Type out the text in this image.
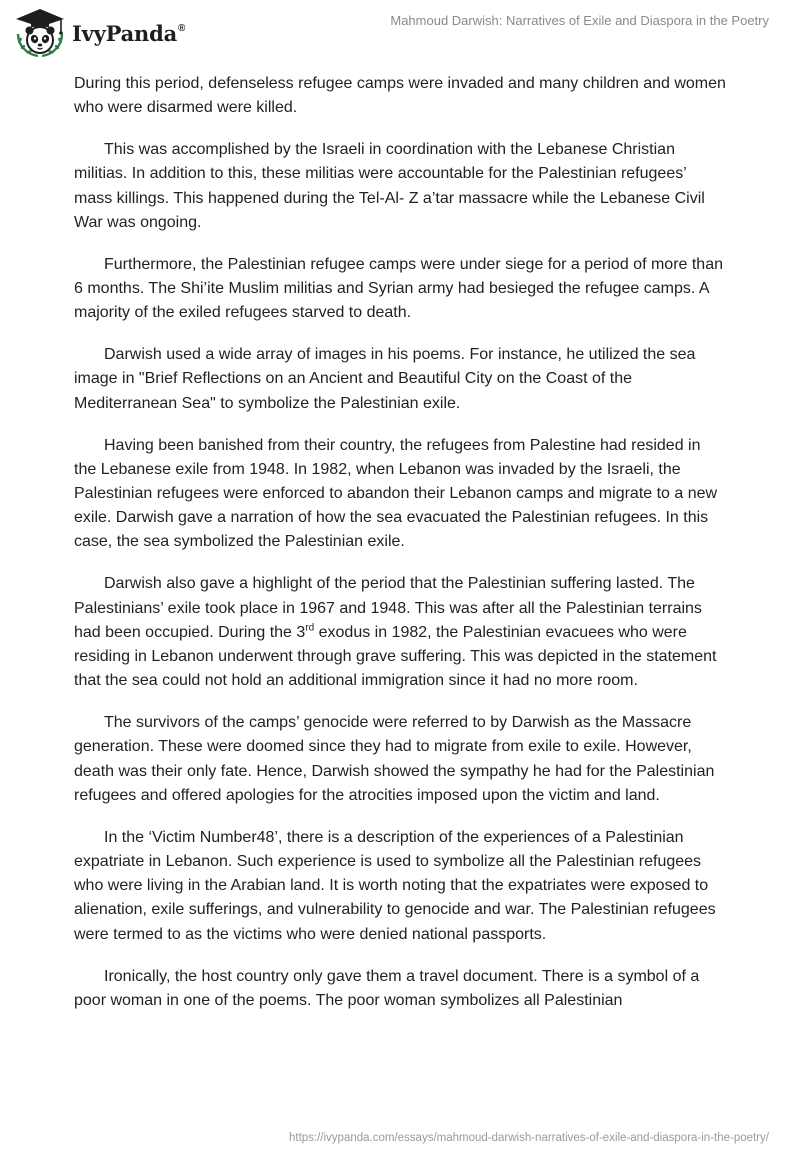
IvyPanda®	Mahmoud Darwish: Narratives of Exile and Diaspora in the Poetry

During this period, defenseless refugee camps were invaded and many children and women who were disarmed were killed.

This was accomplished by the Israeli in coordination with the Lebanese Christian militias. In addition to this, these militias were accountable for the Palestinian refugees’ mass killings. This happened during the Tel-Al- Z a’tar massacre while the Lebanese Civil War was ongoing.

Furthermore, the Palestinian refugee camps were under siege for a period of more than 6 months. The Shi’ite Muslim militias and Syrian army had besieged the refugee camps. A majority of the exiled refugees starved to death.

Darwish used a wide array of images in his poems. For instance, he utilized the sea image in "Brief Reflections on an Ancient and Beautiful City on the Coast of the Mediterranean Sea" to symbolize the Palestinian exile.

Having been banished from their country, the refugees from Palestine had resided in the Lebanese exile from 1948. In 1982, when Lebanon was invaded by the Israeli, the Palestinian refugees were enforced to abandon their Lebanon camps and migrate to a new exile. Darwish gave a narration of how the sea evacuated the Palestinian refugees. In this case, the sea symbolized the Palestinian exile.

Darwish also gave a highlight of the period that the Palestinian suffering lasted. The Palestinians’ exile took place in 1967 and 1948. This was after all the Palestinian terrains had been occupied. During the 3rd exodus in 1982, the Palestinian evacuees who were residing in Lebanon underwent through grave suffering. This was depicted in the statement that the sea could not hold an additional immigration since it had no more room.

The survivors of the camps’ genocide were referred to by Darwish as the Massacre generation. These were doomed since they had to migrate from exile to exile. However, death was their only fate. Hence, Darwish showed the sympathy he had for the Palestinian refugees and offered apologies for the atrocities imposed upon the victim and land.

In the ‘Victim Number48’, there is a description of the experiences of a Palestinian expatriate in Lebanon. Such experience is used to symbolize all the Palestinian refugees who were living in the Arabian land. It is worth noting that the expatriates were exposed to alienation, exile sufferings, and vulnerability to genocide and war. The Palestinian refugees were termed to as the victims who were denied national passports.

Ironically, the host country only gave them a travel document. There is a symbol of a poor woman in one of the poems. The poor woman symbolizes all Palestinian

https://ivypanda.com/essays/mahmoud-darwish-narratives-of-exile-and-diaspora-in-the-poetry/
